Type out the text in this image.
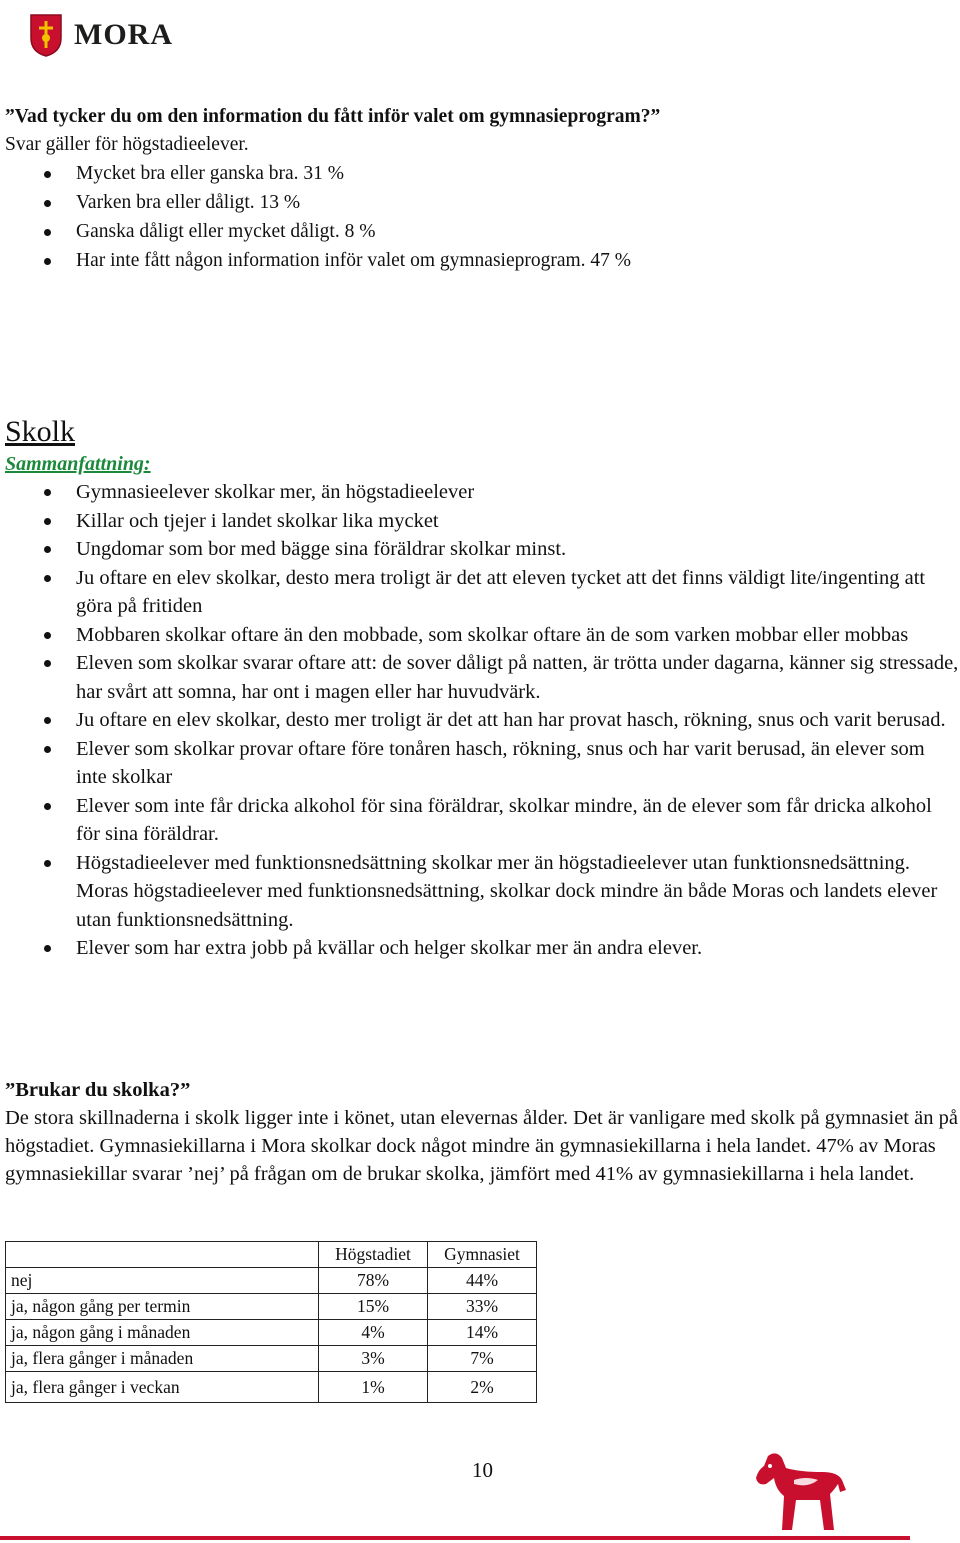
MORA

”Vad tycker du om den information du fått inför valet om gymnasieprogram?”

Svar gäller för högstadieelever.

Mycket bra eller ganska bra. 31 %
Varken bra eller dåligt. 13 %
Ganska dåligt eller mycket dåligt. 8 %
Har inte fått någon information inför valet om gymnasieprogram. 47 %

Skolk

Sammanfattning:

Gymnasieelever skolkar mer, än högstadieelever
Killar och tjejer i landet skolkar lika mycket
Ungdomar som bor med bägge sina föräldrar skolkar minst.
Ju oftare en elev skolkar, desto mera troligt är det att eleven tycket att det finns väldigt lite/ingenting att göra på fritiden
Mobbaren skolkar oftare än den mobbade, som skolkar oftare än de som varken mobbar eller mobbas
Eleven som skolkar svarar oftare att: de sover dåligt på natten, är trötta under dagarna, känner sig stressade, har svårt att somna, har ont i magen eller har huvudvärk.
Ju oftare en elev skolkar, desto mer troligt är det att han har provat hasch, rökning, snus och varit berusad.
Elever som skolkar provar oftare före tonåren hasch, rökning, snus och har varit berusad, än elever som inte skolkar
Elever som inte får dricka alkohol för sina föräldrar, skolkar mindre, än de elever som får dricka alkohol för sina föräldrar.
Högstadieelever med funktionsnedsättning skolkar mer än högstadieelever utan funktionsnedsättning. Moras högstadieelever med funktionsnedsättning, skolkar dock mindre än både Moras och landets elever utan funktionsnedsättning.
Elever som har extra jobb på kvällar och helger skolkar mer än andra elever.

”Brukar du skolka?”

De stora skillnaderna i skolk ligger inte i könet, utan elevernas ålder. Det är vanligare med skolk på gymnasiet än på högstadiet. Gymnasiekillarna i Mora skolkar dock något mindre än gymnasiekillarna i hela landet. 47% av Moras gymnasiekillar svarar ’nej’ på frågan om de brukar skolka, jämfört med 41% av gymnasiekillarna i hela landet.

	Högstadiet	Gymnasiet
nej	78%	44%
ja, någon gång per termin	15%	33%
ja, någon gång i månaden	4%	14%
ja, flera gånger i månaden	3%	7%
ja, flera gånger i veckan	1%	2%
10
